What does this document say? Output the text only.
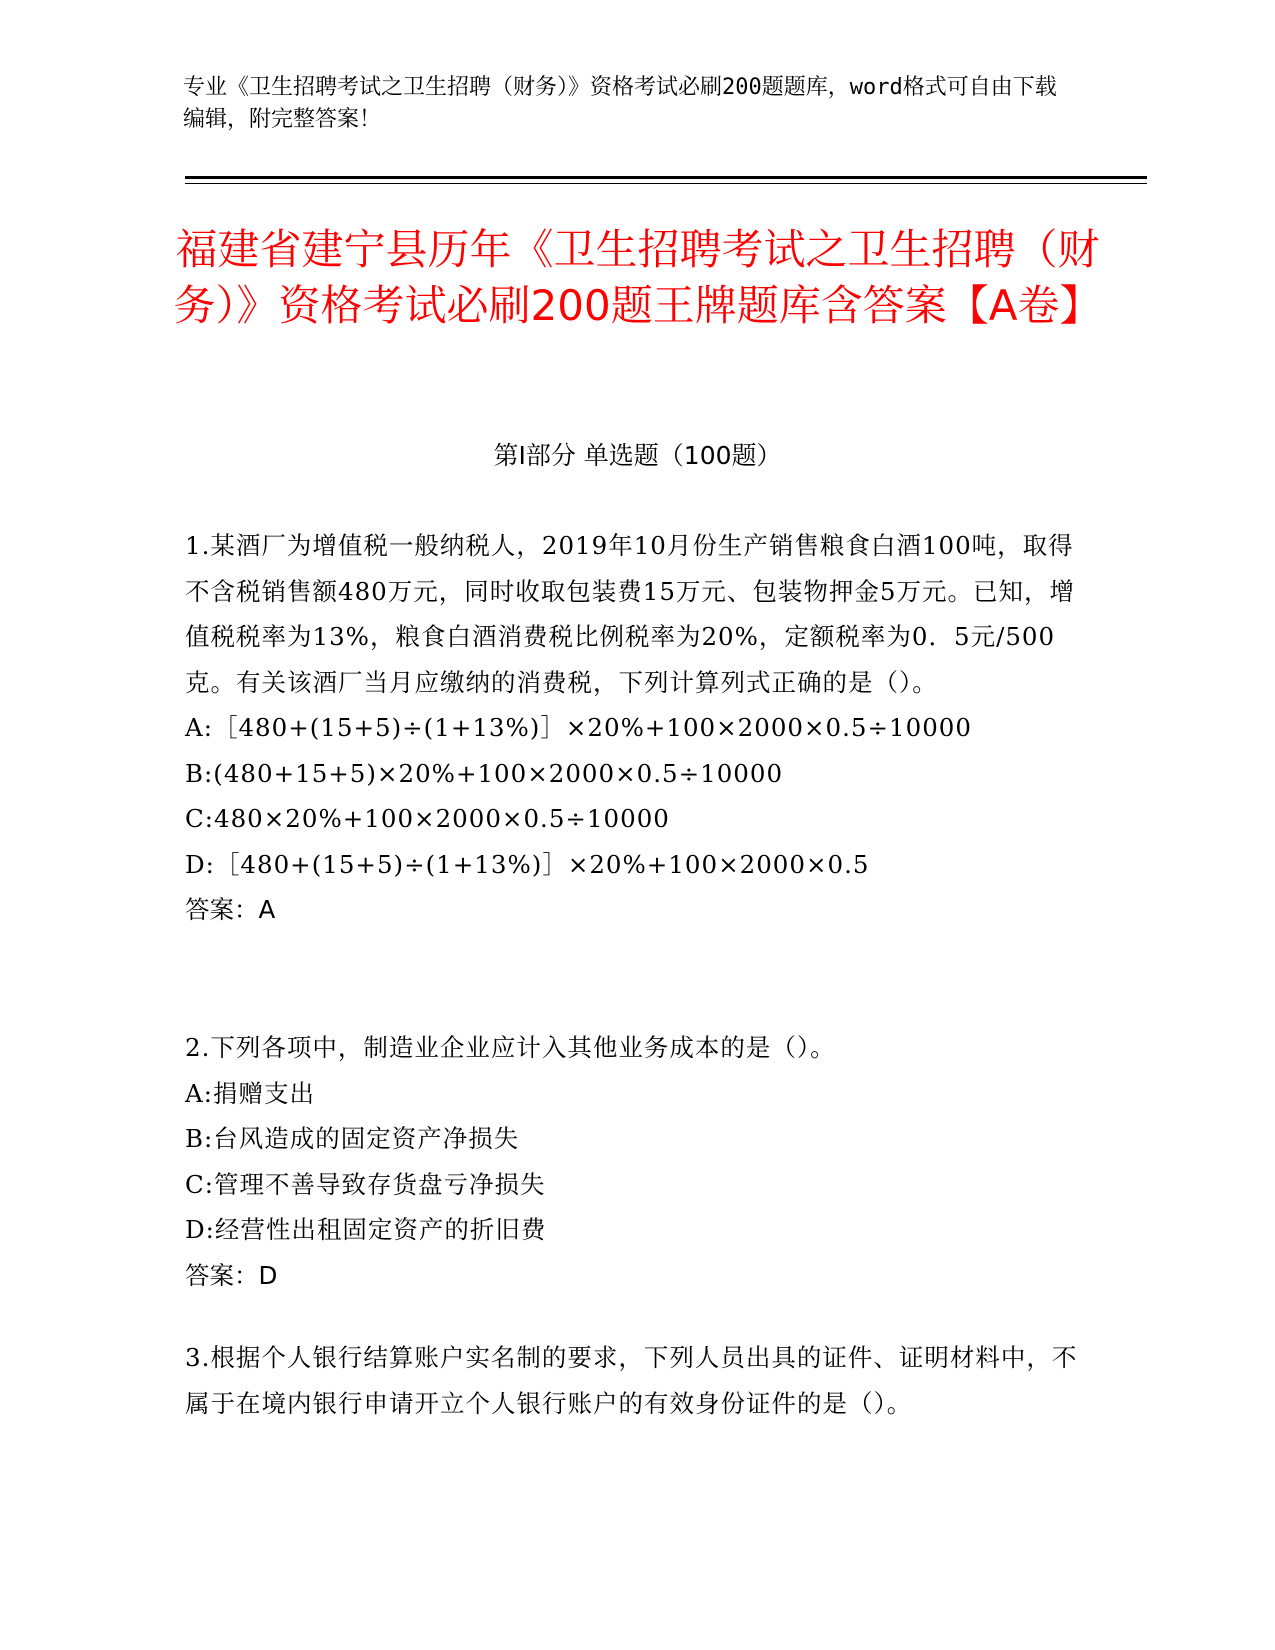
专业《卫生招聘考试之卫生招聘（财务）》资格考试必刷200题题库，word格式可自由下载编辑，附完整答案！
福建省建宁县历年《卫生招聘考试之卫生招聘（财务）》资格考试必刷200题王牌题库含答案【A卷】
第I部分 单选题（100题）

1.某酒厂为增值税一般纳税人，2019年10月份生产销售粮食白酒100吨，取得不含税销售额480万元，同时收取包装费15万元、包装物押金5万元。已知，增值税税率为13%，粮食白酒消费税比例税率为20%，定额税率为0．5元/500克。有关该酒厂当月应缴纳的消费税，下列计算列式正确的是（）。

A:［480+(15+5)÷(1+13%)］×20%+100×2000×0.5÷10000

B:(480+15+5)×20%+100×2000×0.5÷10000

C:480×20%+100×2000×0.5÷10000

D:［480+(15+5)÷(1+13%)］×20%+100×2000×0.5

答案：A

2.下列各项中，制造业企业应计入其他业务成本的是（）。

A:捐赠支出

B:台风造成的固定资产净损失

C:管理不善导致存货盘亏净损失

D:经营性出租固定资产的折旧费

答案：D

3.根据个人银行结算账户实名制的要求，下列人员出具的证件、证明材料中，不属于在境内银行申请开立个人银行账户的有效身份证件的是（）。
